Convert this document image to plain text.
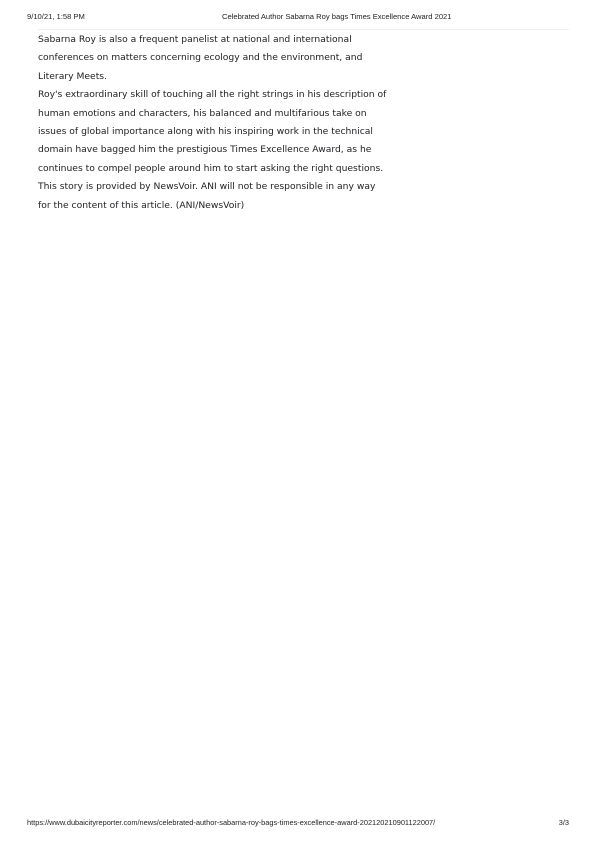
9/10/21, 1:58 PM	Celebrated Author Sabarna Roy bags Times Excellence Award 2021

Sabarna Roy is also a frequent panelist at national and international conferences on matters concerning ecology and the environment, and Literary Meets.

Roy's extraordinary skill of touching all the right strings in his description of human emotions and characters, his balanced and multifarious take on issues of global importance along with his inspiring work in the technical domain have bagged him the prestigious Times Excellence Award, as he continues to compel people around him to start asking the right questions.

This story is provided by NewsVoir. ANI will not be responsible in any way for the content of this article. (ANI/NewsVoir)

https://www.dubaicityreporter.com/news/celebrated-author-sabarna-roy-bags-times-excellence-award-202120210901122007/	3/3
